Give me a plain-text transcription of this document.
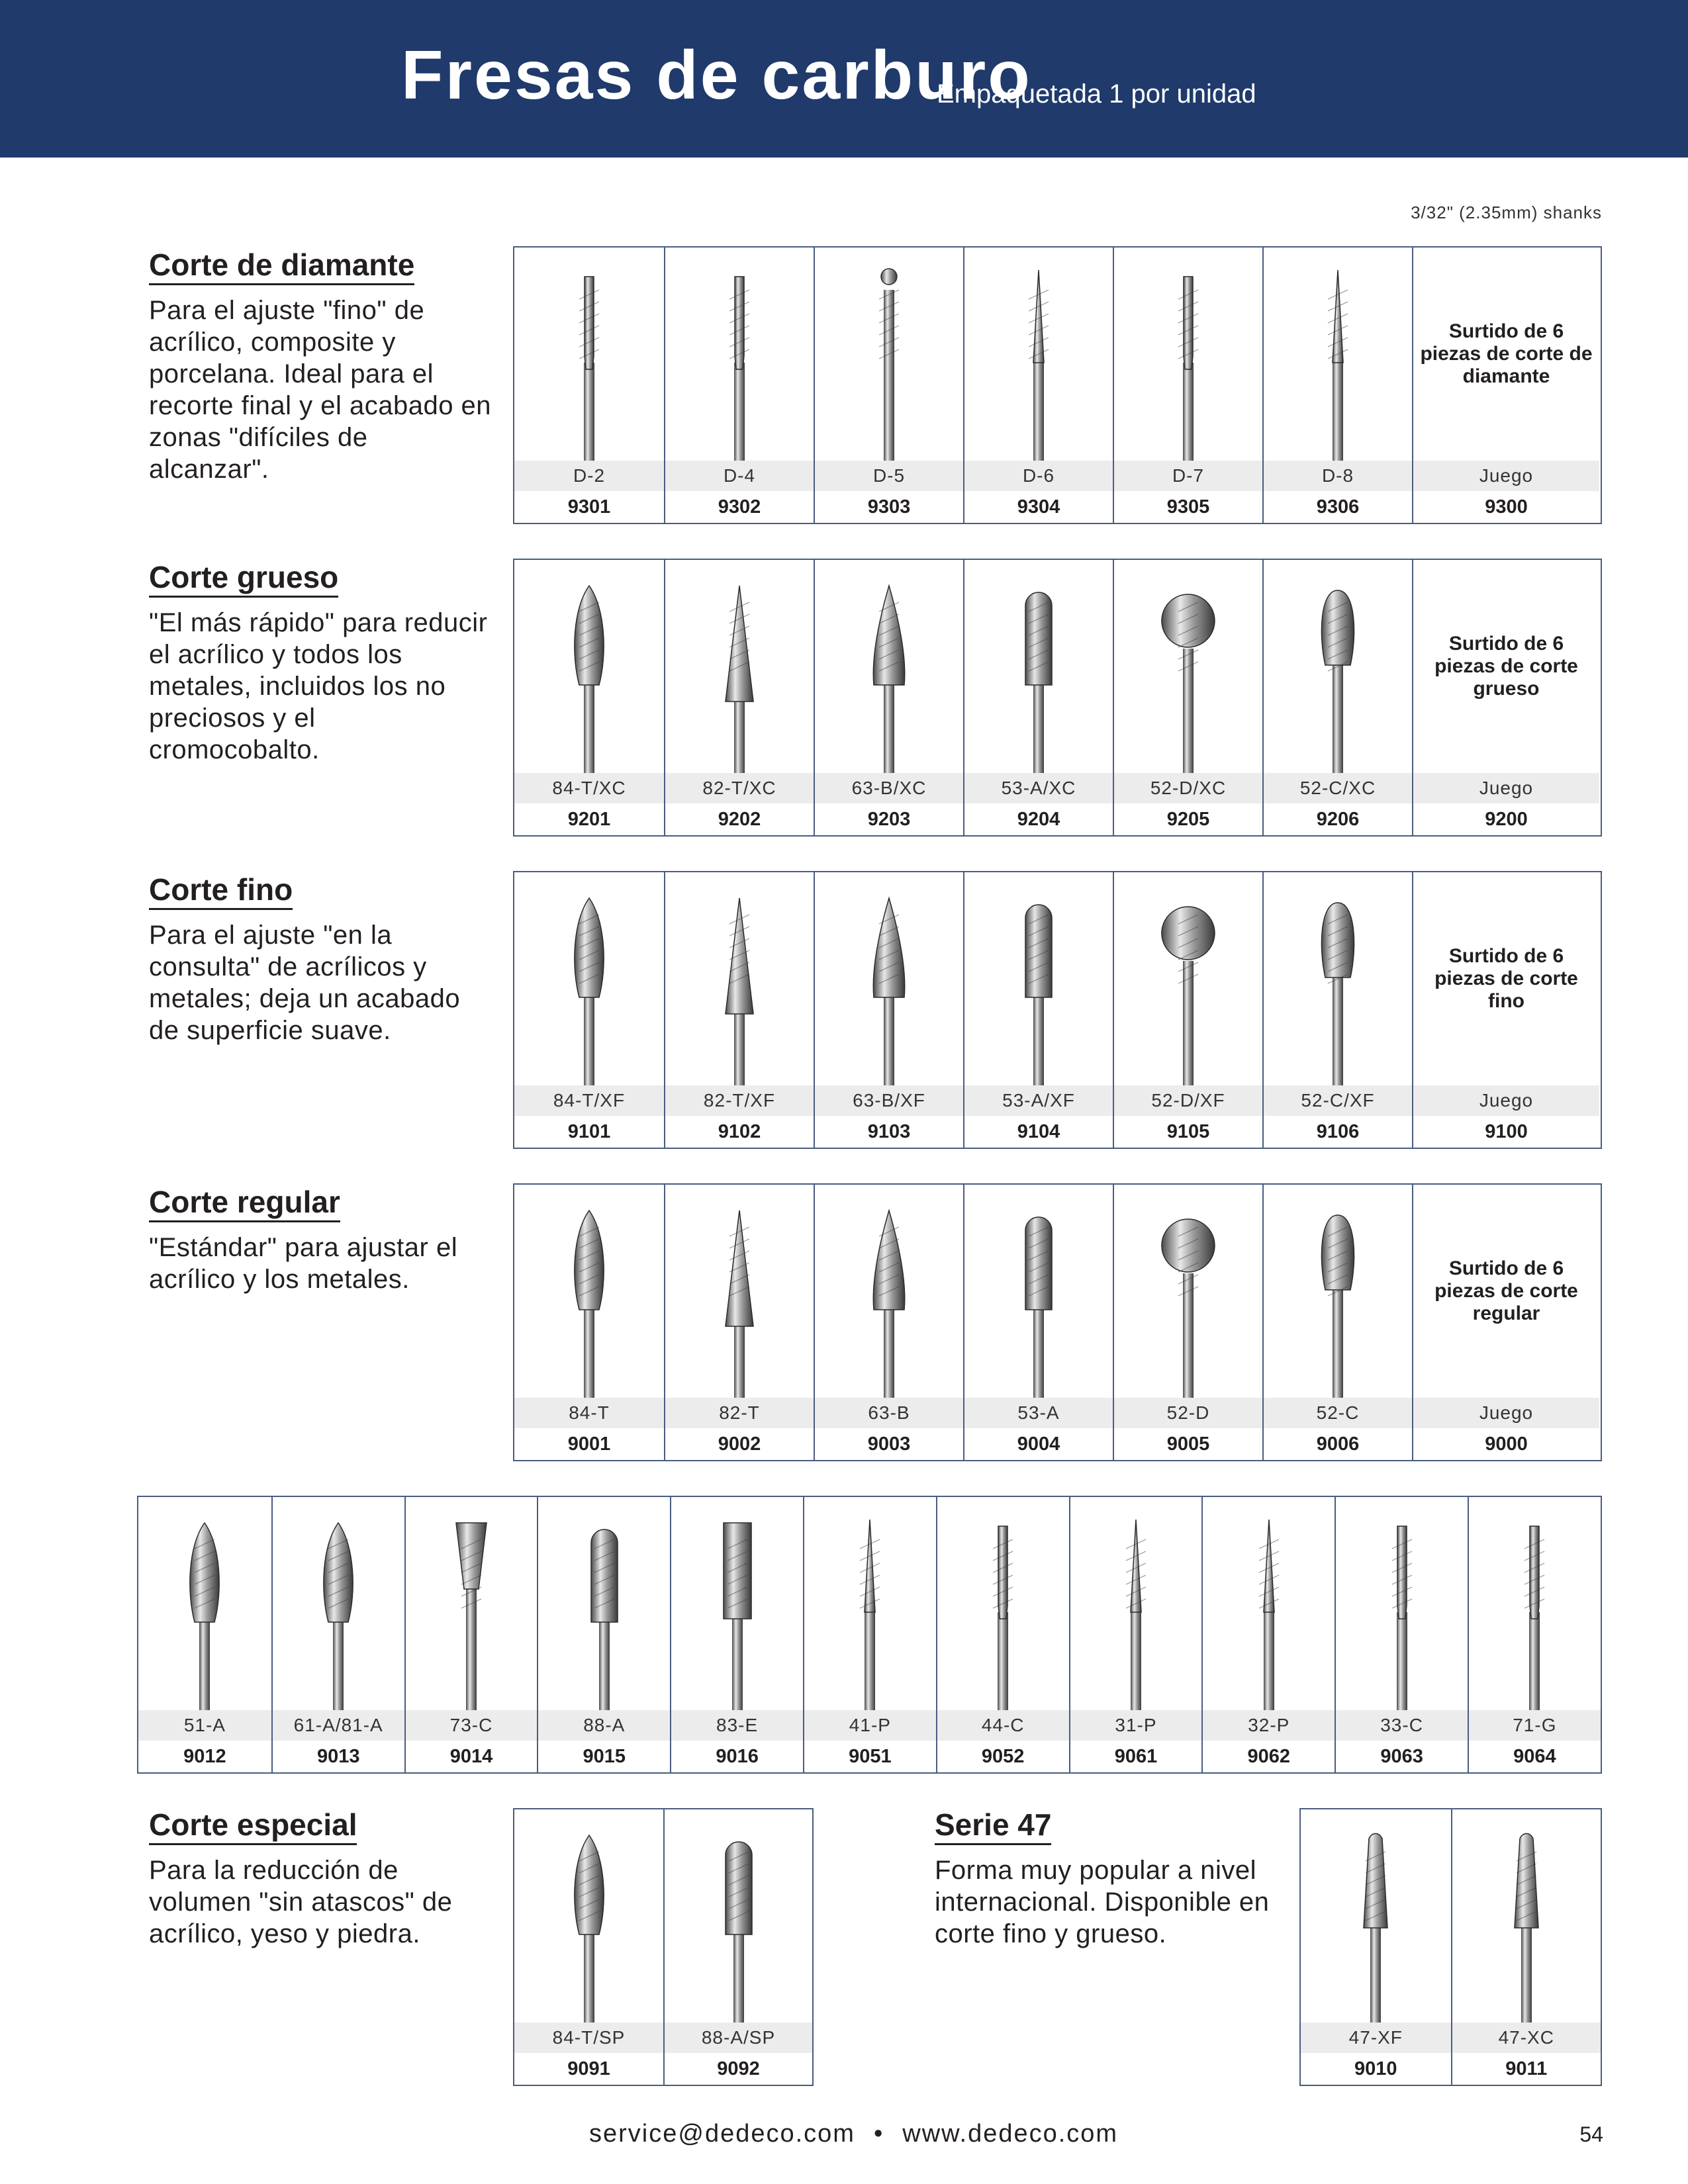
Fresas de carburo
Empaquetada 1 por unidad
3/32" (2.35mm) shanks
Corte de diamante
Para el ajuste "fino" de acrílico, composite y porcelana. Ideal para el recorte final y el acabado en zonas "difíciles de alcanzar".
Corte grueso
"El más rápido" para reducir el acrílico y todos los metales, incluidos los no preciosos y el cromocobalto.
Corte fino
Para el ajuste "en la consulta" de acrílicos y metales; deja un acabado de superficie suave.
Corte regular
"Estándar" para ajustar el acrílico y los metales.
D-2
9301
D-4
9302
D-5
9303
D-6
9304
D-7
9305
D-8
9306
Surtido de 6 piezas de corte de diamante
Juego
9300
84-T/XC
9201
82-T/XC
9202
63-B/XC
9203
53-A/XC
9204
52-D/XC
9205
52-C/XC
9206
Surtido de 6 piezas de corte grueso
Juego
9200
84-T/XF
9101
82-T/XF
9102
63-B/XF
9103
53-A/XF
9104
52-D/XF
9105
52-C/XF
9106
Surtido de 6 piezas de corte fino
Juego
9100
84-T
9001
82-T
9002
63-B
9003
53-A
9004
52-D
9005
52-C
9006
Surtido de 6 piezas de corte regular
Juego
9000
51-A
9012
61-A/81-A
9013
73-C
9014
88-A
9015
83-E
9016
41-P
9051
44-C
9052
31-P
9061
32-P
9062
33-C
9063
71-G
9064
Corte especial
Para la reducción de volumen "sin atascos" de acrílico, yeso y piedra.
84-T/SP
9091
88-A/SP
9092
Serie 47
Forma muy popular a nivel internacional. Disponible en corte fino y grueso.
47-XF
9010
47-XC
9011
service@dedeco.com • www.dedeco.com	54
